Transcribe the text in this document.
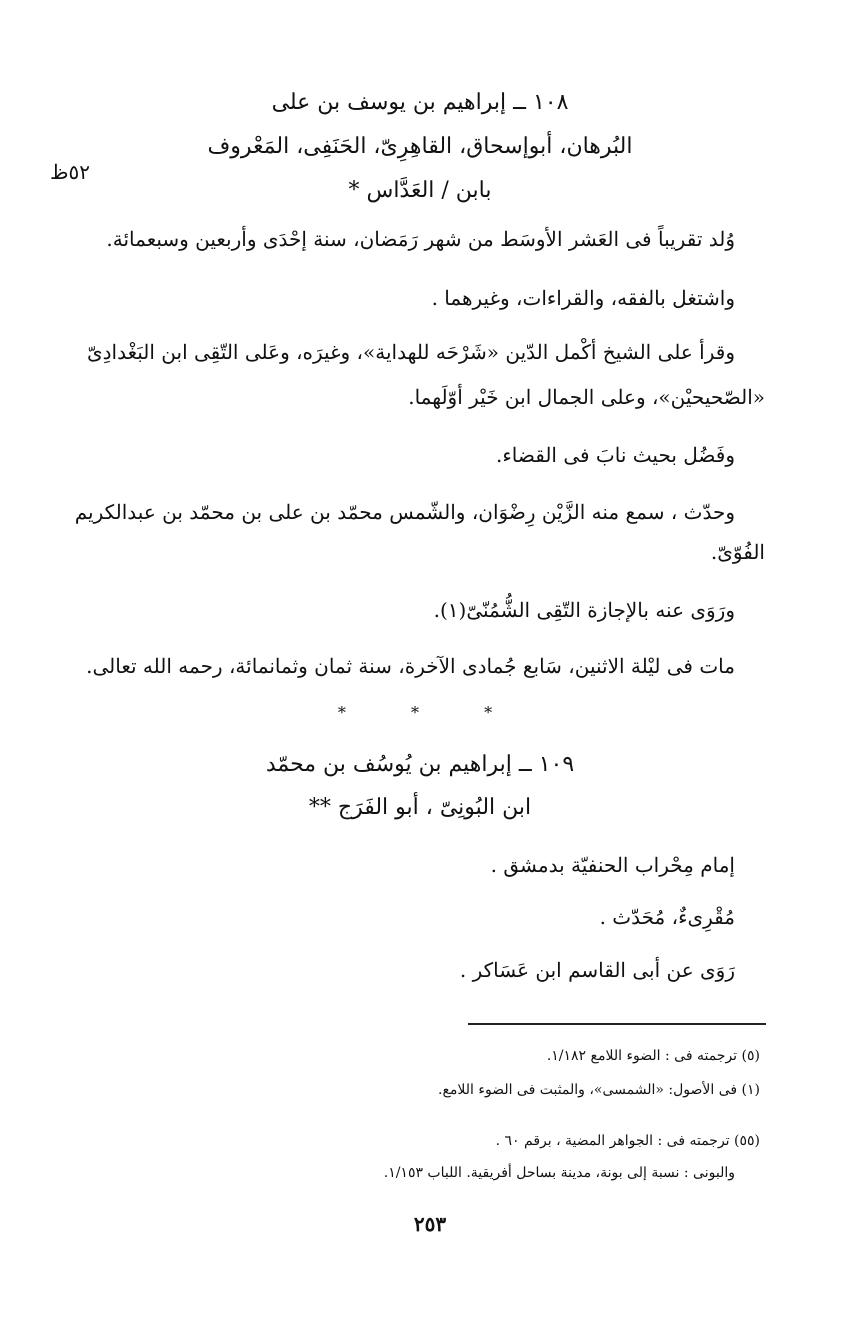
٥٢ظ
١٠٨ ــ إبراهيم بن يوسف بن على
البُرهان، أبوإسحاق، القاهِرِىّ، الحَنَفِى، المَعْروف
بابن / العَدَّاس *
وُلد تقريباً فى العَشر الأوسَط من شهر رَمَضان، سنة إحْدَى وأربعين وسبعمائة.
واشتغل بالفقه، والقراءات، وغيرهما .
وقرأ على الشيخ أكْمل الدّين «شَرْحَه للهداية»، وغيرَه، وعَلى التّقِى ابن البَغْدادِىّ
«الصّحيحيْن»، وعلى الجمال ابن خَيْر أوّلَهما.
وفَضُل بحيث نابَ فى القضاء.
وحدّث ، سمع منه الزَّيْن رِضْوَان، والشّمس محمّد بن على بن محمّد بن عبدالكريم
الفُوّىّ.
ورَوَى عنه بالإجازة التّقِى الشُّمُنّىّ(١).
مات فى ليْلة الاثنين، سَابع جُمادى الآخرة، سنة ثمان وثمانمائة، رحمه الله تعالى.
* * *
١٠٩ ــ إبراهيم بن يُوسُف بن محمّد
ابن البُونِىّ ، أبو الفَرَج **
إمام مِحْراب الحنفيّة بدمشق .
مُقْرِىءٌ، مُحَدّث .
رَوَى عن أبى القاسم ابن عَسَاكر .
(٥) ترجمته فى : الضوء اللامع ١/١٨٢.
(١) فى الأصول: «الشمسى»، والمثبت فى الضوء اللامع.
(٥٥) ترجمته فى : الجواهر المضية ، برقم ٦٠ .
والبونى : نسبة إلى بونة، مدينة بساحل أفريقية. اللباب ١/١٥٣.
٢٥٣
